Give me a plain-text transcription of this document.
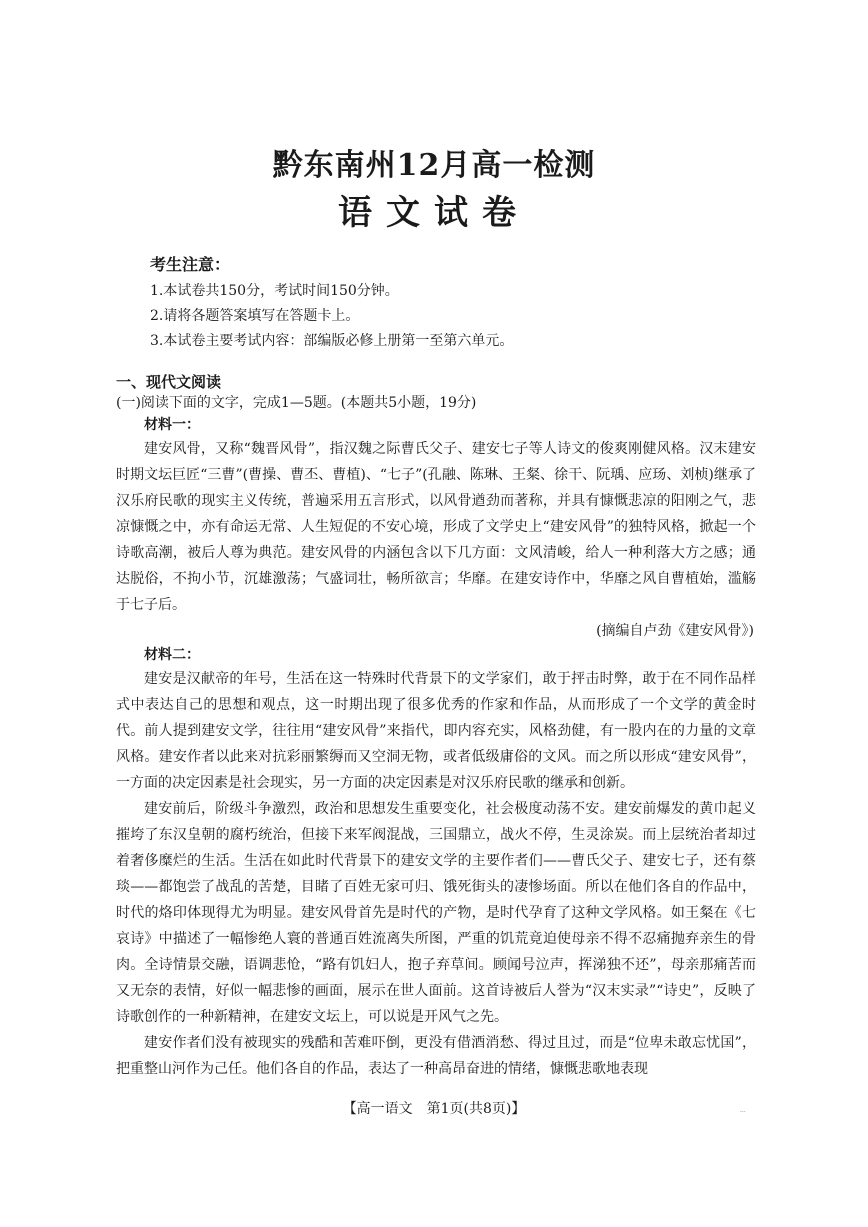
黔东南州12月高一检测
语文试卷
考生注意：
1.本试卷共150分，考试时间150分钟。
2.请将各题答案填写在答题卡上。
3.本试卷主要考试内容：部编版必修上册第一至第六单元。
一、现代文阅读
(一)阅读下面的文字，完成1—5题。(本题共5小题，19分)
材料一：

建安风骨，又称“魏晋风骨”，指汉魏之际曹氏父子、建安七子等人诗文的俊爽刚健风格。汉末建安时期文坛巨匠“三曹”(曹操、曹丕、曹植)、“七子”(孔融、陈琳、王粲、徐干、阮瑀、应玚、刘桢)继承了汉乐府民歌的现实主义传统，普遍采用五言形式，以风骨遒劲而著称，并具有慷慨悲凉的阳刚之气，悲凉慷慨之中，亦有命运无常、人生短促的不安心境，形成了文学史上“建安风骨”的独特风格，掀起一个诗歌高潮，被后人尊为典范。建安风骨的内涵包含以下几方面：文风清峻，给人一种利落大方之感；通达脱俗，不拘小节，沉雄激荡；气盛词壮，畅所欲言；华靡。在建安诗作中，华靡之风自曹植始，滥觞于七子后。

(摘编自卢劲《建安风骨》)
材料二：

建安是汉献帝的年号，生活在这一特殊时代背景下的文学家们，敢于抨击时弊，敢于在不同作品样式中表达自己的思想和观点，这一时期出现了很多优秀的作家和作品，从而形成了一个文学的黄金时代。前人提到建安文学，往往用“建安风骨”来指代，即内容充实，风格劲健，有一股内在的力量的文章风格。建安作者以此来对抗彩丽繁缛而又空洞无物，或者低级庸俗的文风。而之所以形成“建安风骨”，一方面的决定因素是社会现实，另一方面的决定因素是对汉乐府民歌的继承和创新。

建安前后，阶级斗争激烈，政治和思想发生重要变化，社会极度动荡不安。建安前爆发的黄巾起义摧垮了东汉皇朝的腐朽统治，但接下来军阀混战，三国鼎立，战火不停，生灵涂炭。而上层统治者却过着奢侈糜烂的生活。生活在如此时代背景下的建安文学的主要作者们——曹氏父子、建安七子，还有蔡琰——都饱尝了战乱的苦楚，目睹了百姓无家可归、饿死街头的凄惨场面。所以在他们各自的作品中，时代的烙印体现得尤为明显。建安风骨首先是时代的产物，是时代孕育了这种文学风格。如王粲在《七哀诗》中描述了一幅惨绝人寰的普通百姓流离失所图，严重的饥荒竟迫使母亲不得不忍痛抛弃亲生的骨肉。全诗情景交融，语调悲怆，“路有饥妇人，抱子弃草间。顾闻号泣声，挥涕独不还”，母亲那痛苦而又无奈的表情，好似一幅悲惨的画面，展示在世人面前。这首诗被后人誉为“汉末实录”“诗史”，反映了诗歌创作的一种新精神，在建安文坛上，可以说是开风气之先。

建安作者们没有被现实的残酷和苦难吓倒，更没有借酒消愁、得过且过，而是“位卑未敢忘忧国”，把重整山河作为己任。他们各自的作品，表达了一种高昂奋进的情绪，慷慨悲歌地表现

【高一语文　第1页(共8页)】	...
